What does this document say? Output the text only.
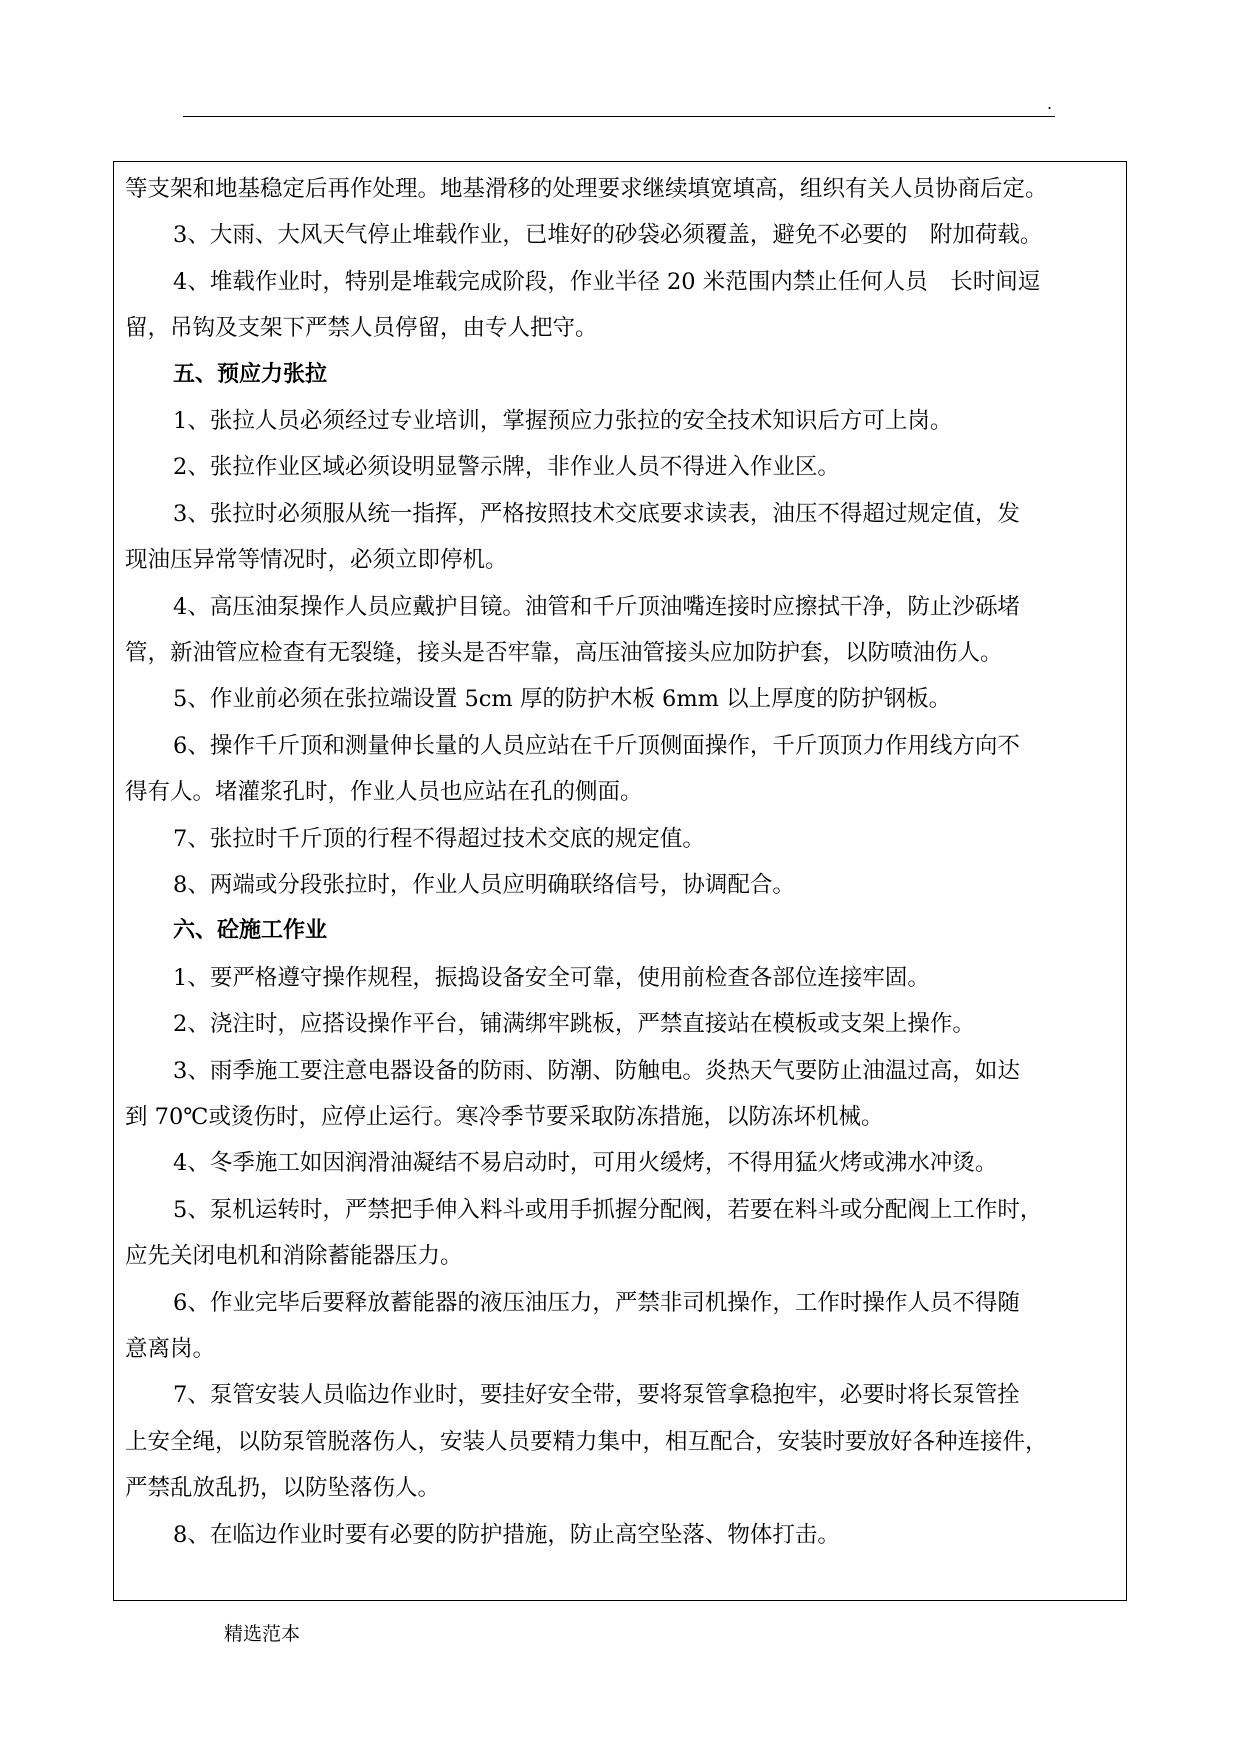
.
等支架和地基稳定后再作处理。地基滑移的处理要求继续填宽填高，组织有关人员协商后定。
3、大雨、大风天气停止堆载作业，已堆好的砂袋必须覆盖，避免不必要的　附加荷载。
4、堆载作业时，特别是堆载完成阶段，作业半径 20 米范围内禁止任何人员　长时间逗
留，吊钩及支架下严禁人员停留，由专人把守。
五、预应力张拉
1、张拉人员必须经过专业培训，掌握预应力张拉的安全技术知识后方可上岗。
2、张拉作业区域必须设明显警示牌，非作业人员不得进入作业区。
3、张拉时必须服从统一指挥，严格按照技术交底要求读表，油压不得超过规定值，发
现油压异常等情况时，必须立即停机。
4、高压油泵操作人员应戴护目镜。油管和千斤顶油嘴连接时应擦拭干净，防止沙砾堵
管，新油管应检查有无裂缝，接头是否牢靠，高压油管接头应加防护套，以防喷油伤人。
5、作业前必须在张拉端设置 5cm 厚的防护木板 6mm 以上厚度的防护钢板。
6、操作千斤顶和测量伸长量的人员应站在千斤顶侧面操作，千斤顶顶力作用线方向不
得有人。堵灌浆孔时，作业人员也应站在孔的侧面。
7、张拉时千斤顶的行程不得超过技术交底的规定值。
8、两端或分段张拉时，作业人员应明确联络信号，协调配合。
六、砼施工作业
1、要严格遵守操作规程，振捣设备安全可靠，使用前检查各部位连接牢固。
2、浇注时，应搭设操作平台，铺满绑牢跳板，严禁直接站在模板或支架上操作。
3、雨季施工要注意电器设备的防雨、防潮、防触电。炎热天气要防止油温过高，如达
到 70℃或烫伤时，应停止运行。寒冷季节要采取防冻措施，以防冻坏机械。
4、冬季施工如因润滑油凝结不易启动时，可用火缓烤，不得用猛火烤或沸水冲烫。
5、泵机运转时，严禁把手伸入料斗或用手抓握分配阀，若要在料斗或分配阀上工作时，
应先关闭电机和消除蓄能器压力。
6、作业完毕后要释放蓄能器的液压油压力，严禁非司机操作，工作时操作人员不得随
意离岗。
7、泵管安装人员临边作业时，要挂好安全带，要将泵管拿稳抱牢，必要时将长泵管拴
上安全绳，以防泵管脱落伤人，安装人员要精力集中，相互配合，安装时要放好各种连接件，
严禁乱放乱扔，以防坠落伤人。
8、在临边作业时要有必要的防护措施，防止高空坠落、物体打击。
精选范本
